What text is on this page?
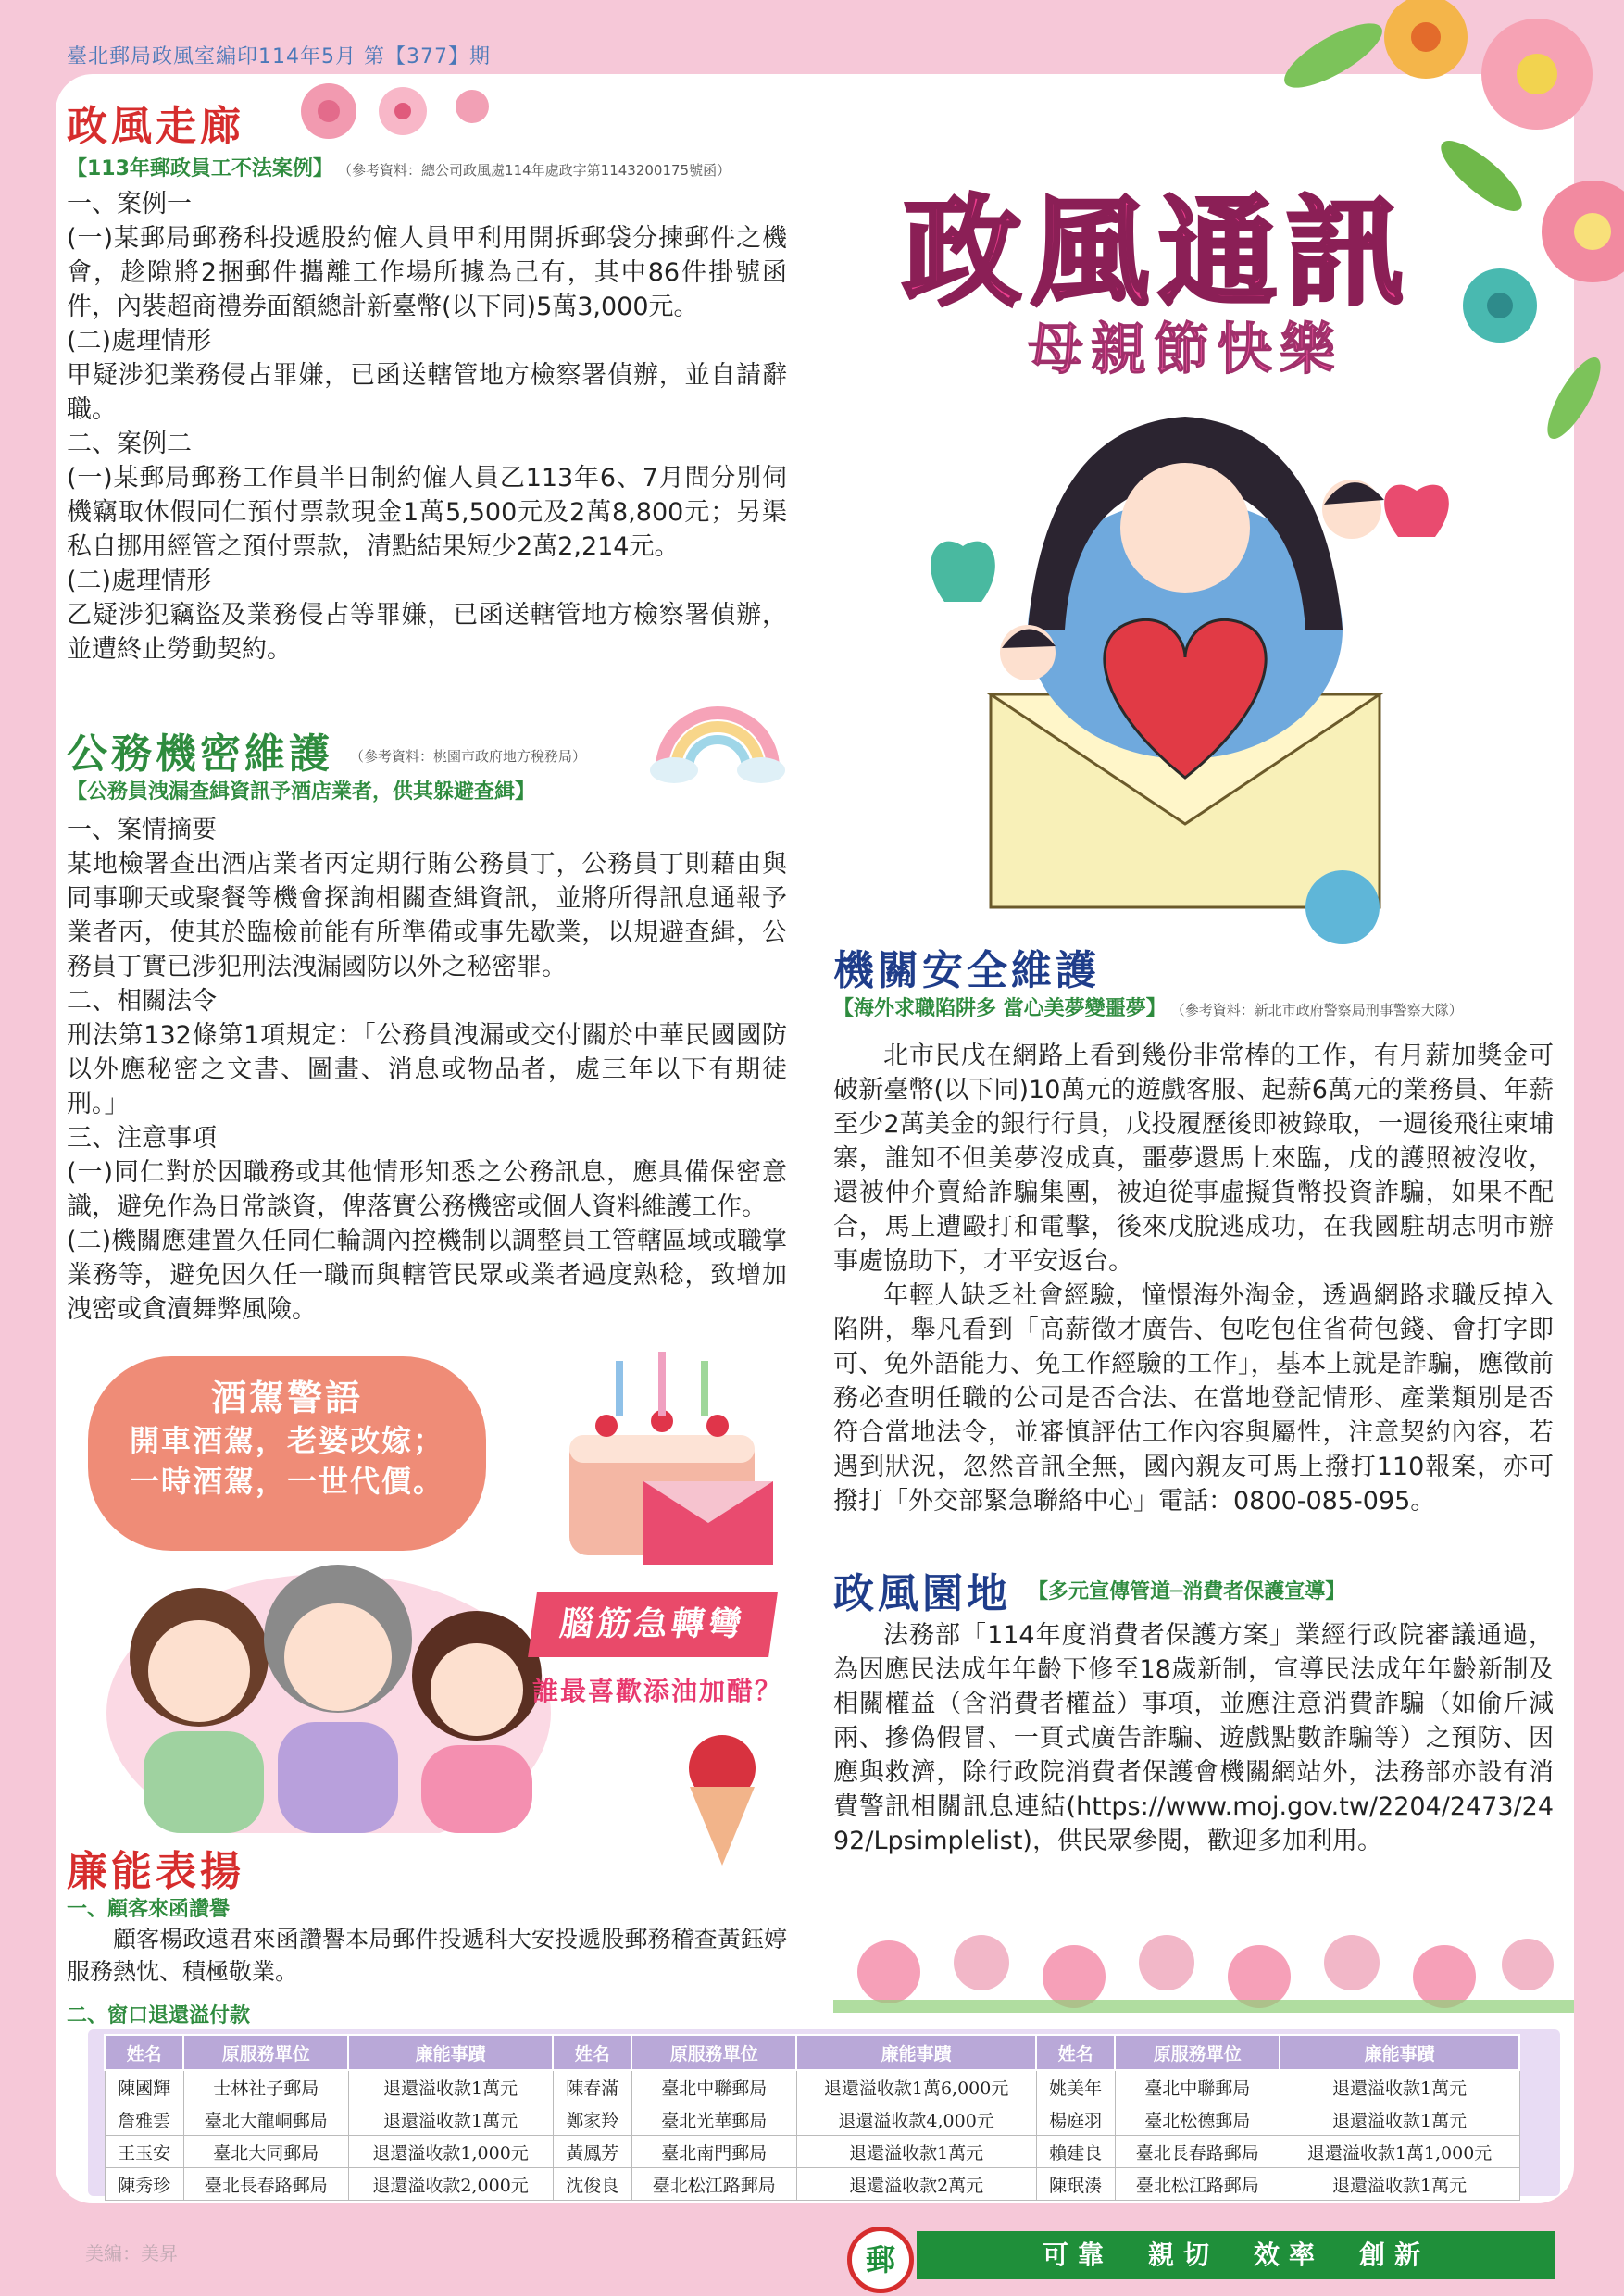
臺北郵局政風室編印114年5月 第【377】期
政風通訊
母親節快樂
政風走廊
【113年郵政員工不法案例】 （參考資料：總公司政風處114年處政字第1143200175號函）

一、案例一

(一)某郵局郵務科投遞股約僱人員甲利用開拆郵袋分揀郵件之機會，趁隙將2捆郵件攜離工作場所據為己有，其中86件掛號函件，內裝超商禮券面額總計新臺幣(以下同)5萬3,000元。

(二)處理情形

甲疑涉犯業務侵占罪嫌，已函送轄管地方檢察署偵辦，並自請辭職。

二、案例二

(一)某郵局郵務工作員半日制約僱人員乙113年6、7月間分別伺機竊取休假同仁預付票款現金1萬5,500元及2萬8,800元；另渠私自挪用經管之預付票款，清點結果短少2萬2,214元。

(二)處理情形

乙疑涉犯竊盜及業務侵占等罪嫌，已函送轄管地方檢察署偵辦，並遭終止勞動契約。

公務機密維護 （參考資料：桃園市政府地方稅務局）
【公務員洩漏查緝資訊予酒店業者，供其躲避查緝】

一、案情摘要

某地檢署查出酒店業者丙定期行賄公務員丁，公務員丁則藉由與同事聊天或聚餐等機會探詢相關查緝資訊，並將所得訊息通報予業者丙，使其於臨檢前能有所準備或事先歇業，以規避查緝，公務員丁實已涉犯刑法洩漏國防以外之秘密罪。

二、相關法令

刑法第132條第1項規定：「公務員洩漏或交付關於中華民國國防以外應秘密之文書、圖畫、消息或物品者，處三年以下有期徒刑。」

三、注意事項

(一)同仁對於因職務或其他情形知悉之公務訊息，應具備保密意識，避免作為日常談資，俾落實公務機密或個人資料維護工作。

(二)機關應建置久任同仁輪調內控機制以調整員工管轄區域或職掌業務等，避免因久任一職而與轄管民眾或業者過度熟稔，致增加洩密或貪瀆舞弊風險。

酒駕警語
開車酒駕，老婆改嫁；
一時酒駕，一世代價。
腦筋急轉彎
誰最喜歡添油加醋？
廉能表揚
一、顧客來函讚譽
顧客楊政遠君來函讚譽本局郵件投遞科大安投遞股郵務稽查黃鈺婷服務熱忱、積極敬業。
二、窗口退還溢付款
姓名	原服務單位	廉能事蹟	姓名	原服務單位	廉能事蹟	姓名	原服務單位	廉能事蹟
陳國輝	士林社子郵局	退還溢收款1萬元	陳春滿	臺北中聯郵局	退還溢收款1萬6,000元	姚美年	臺北中聯郵局	退還溢收款1萬元
詹雅雲	臺北大龍峒郵局	退還溢收款1萬元	鄭家羚	臺北光華郵局	退還溢收款4,000元	楊庭羽	臺北松德郵局	退還溢收款1萬元
王玉安	臺北大同郵局	退還溢收款1,000元	黃鳳芳	臺北南門郵局	退還溢收款1萬元	賴建良	臺北長春路郵局	退還溢收款1萬1,000元
陳秀珍	臺北長春路郵局	退還溢收款2,000元	沈俊良	臺北松江路郵局	退還溢收款2萬元	陳珉湊	臺北松江路郵局	退還溢收款1萬元
機關安全維護
【海外求職陷阱多 當心美夢變噩夢】 （參考資料：新北市政府警察局刑事警察大隊）

北市民戊在網路上看到幾份非常棒的工作，有月薪加獎金可破新臺幣(以下同)10萬元的遊戲客服、起薪6萬元的業務員、年薪至少2萬美金的銀行行員，戊投履歷後即被錄取，一週後飛往柬埔寨，誰知不但美夢沒成真，噩夢還馬上來臨，戊的護照被沒收，還被仲介賣給詐騙集團，被迫從事虛擬貨幣投資詐騙，如果不配合，馬上遭毆打和電擊，後來戊脫逃成功，在我國駐胡志明市辦事處協助下，才平安返台。

年輕人缺乏社會經驗，憧憬海外淘金，透過網路求職反掉入陷阱，舉凡看到「高薪徵才廣告、包吃包住省荷包錢、會打字即可、免外語能力、免工作經驗的工作」，基本上就是詐騙，應徵前務必查明任職的公司是否合法、在當地登記情形、產業類別是否符合當地法令，並審慎評估工作內容與屬性，注意契約內容，若遇到狀況，忽然音訊全無，國內親友可馬上撥打110報案，亦可撥打「外交部緊急聯絡中心」電話：0800-085-095。

政風園地 【多元宣傳管道─消費者保護宣導】

法務部「114年度消費者保護方案」業經行政院審議通過，為因應民法成年年齡下修至18歲新制，宣導民法成年年齡新制及相關權益（含消費者權益）事項，並應注意消費詐騙（如偷斤減兩、摻偽假冒、一頁式廣告詐騙、遊戲點數詐騙等）之預防、因應與救濟，除行政院消費者保護會機關網站外，法務部亦設有消費警訊相關訊息連結(https://www.moj.gov.tw/2204/2473/2492/Lpsimplelist)，供民眾參閱，歡迎多加利用。

美編：美昇	郵	可靠　親切　效率　創新
